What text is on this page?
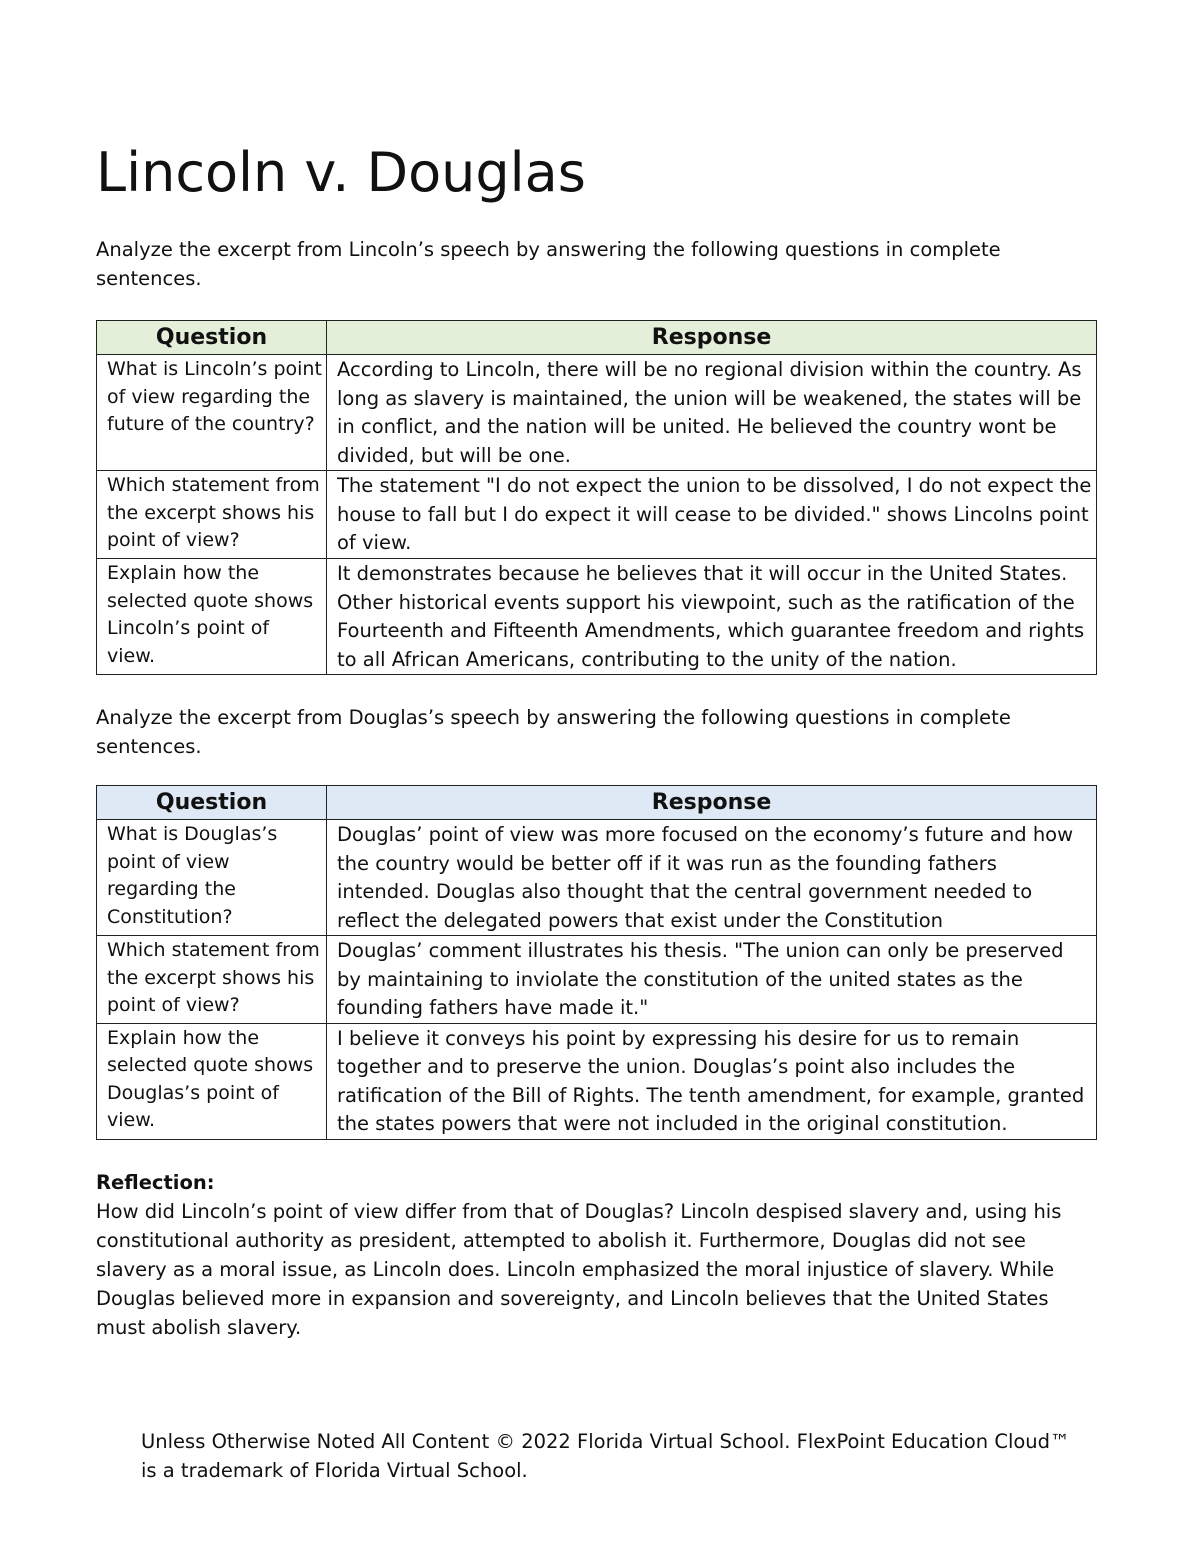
Lincoln v. Douglas

Analyze the excerpt from Lincoln’s speech by answering the following questions in complete sentences.

Question	Response
What is Lincoln’s point of view regarding the future of the country?	According to Lincoln, there will be no regional division within the country. As long as slavery is maintained, the union will be weakened, the states will be in conflict, and the nation will be united. He believed the country wont be divided, but will be one.
Which statement from the excerpt shows his point of view?	The statement "I do not expect the union to be dissolved, I do not expect the house to fall but I do expect it will cease to be divided." shows Lincolns point of view.
Explain how the selected quote shows Lincoln’s point of view.	It demonstrates because he believes that it will occur in the United States. Other historical events support his viewpoint, such as the ratification of the Fourteenth and Fifteenth Amendments, which guarantee freedom and rights to all African Americans, contributing to the unity of the nation.

Analyze the excerpt from Douglas’s speech by answering the following questions in complete sentences.

Question	Response
What is Douglas’s point of view regarding the Constitution?	Douglas’ point of view was more focused on the economy’s future and how the country would be better off if it was run as the founding fathers intended. Douglas also thought that the central government needed to reflect the delegated powers that exist under the Constitution
Which statement from the excerpt shows his point of view?	Douglas’ comment illustrates his thesis. "The union can only be preserved by maintaining to inviolate the constitution of the united states as the founding fathers have made it."
Explain how the selected quote shows Douglas’s point of view.	I believe it conveys his point by expressing his desire for us to remain together and to preserve the union. Douglas’s point also includes the ratification of the Bill of Rights. The tenth amendment, for example, granted the states powers that were not included in the original constitution.
Reflection:
How did Lincoln’s point of view differ from that of Douglas? Lincoln despised slavery and, using his constitutional authority as president, attempted to abolish it. Furthermore, Douglas did not see slavery as a moral issue, as Lincoln does. Lincoln emphasized the moral injustice of slavery. While Douglas believed more in expansion and sovereignty, and Lincoln believes that the United States must abolish slavery.

Unless Otherwise Noted All Content © 2022 Florida Virtual School. FlexPoint Education Cloud™ is a trademark of Florida Virtual School.
